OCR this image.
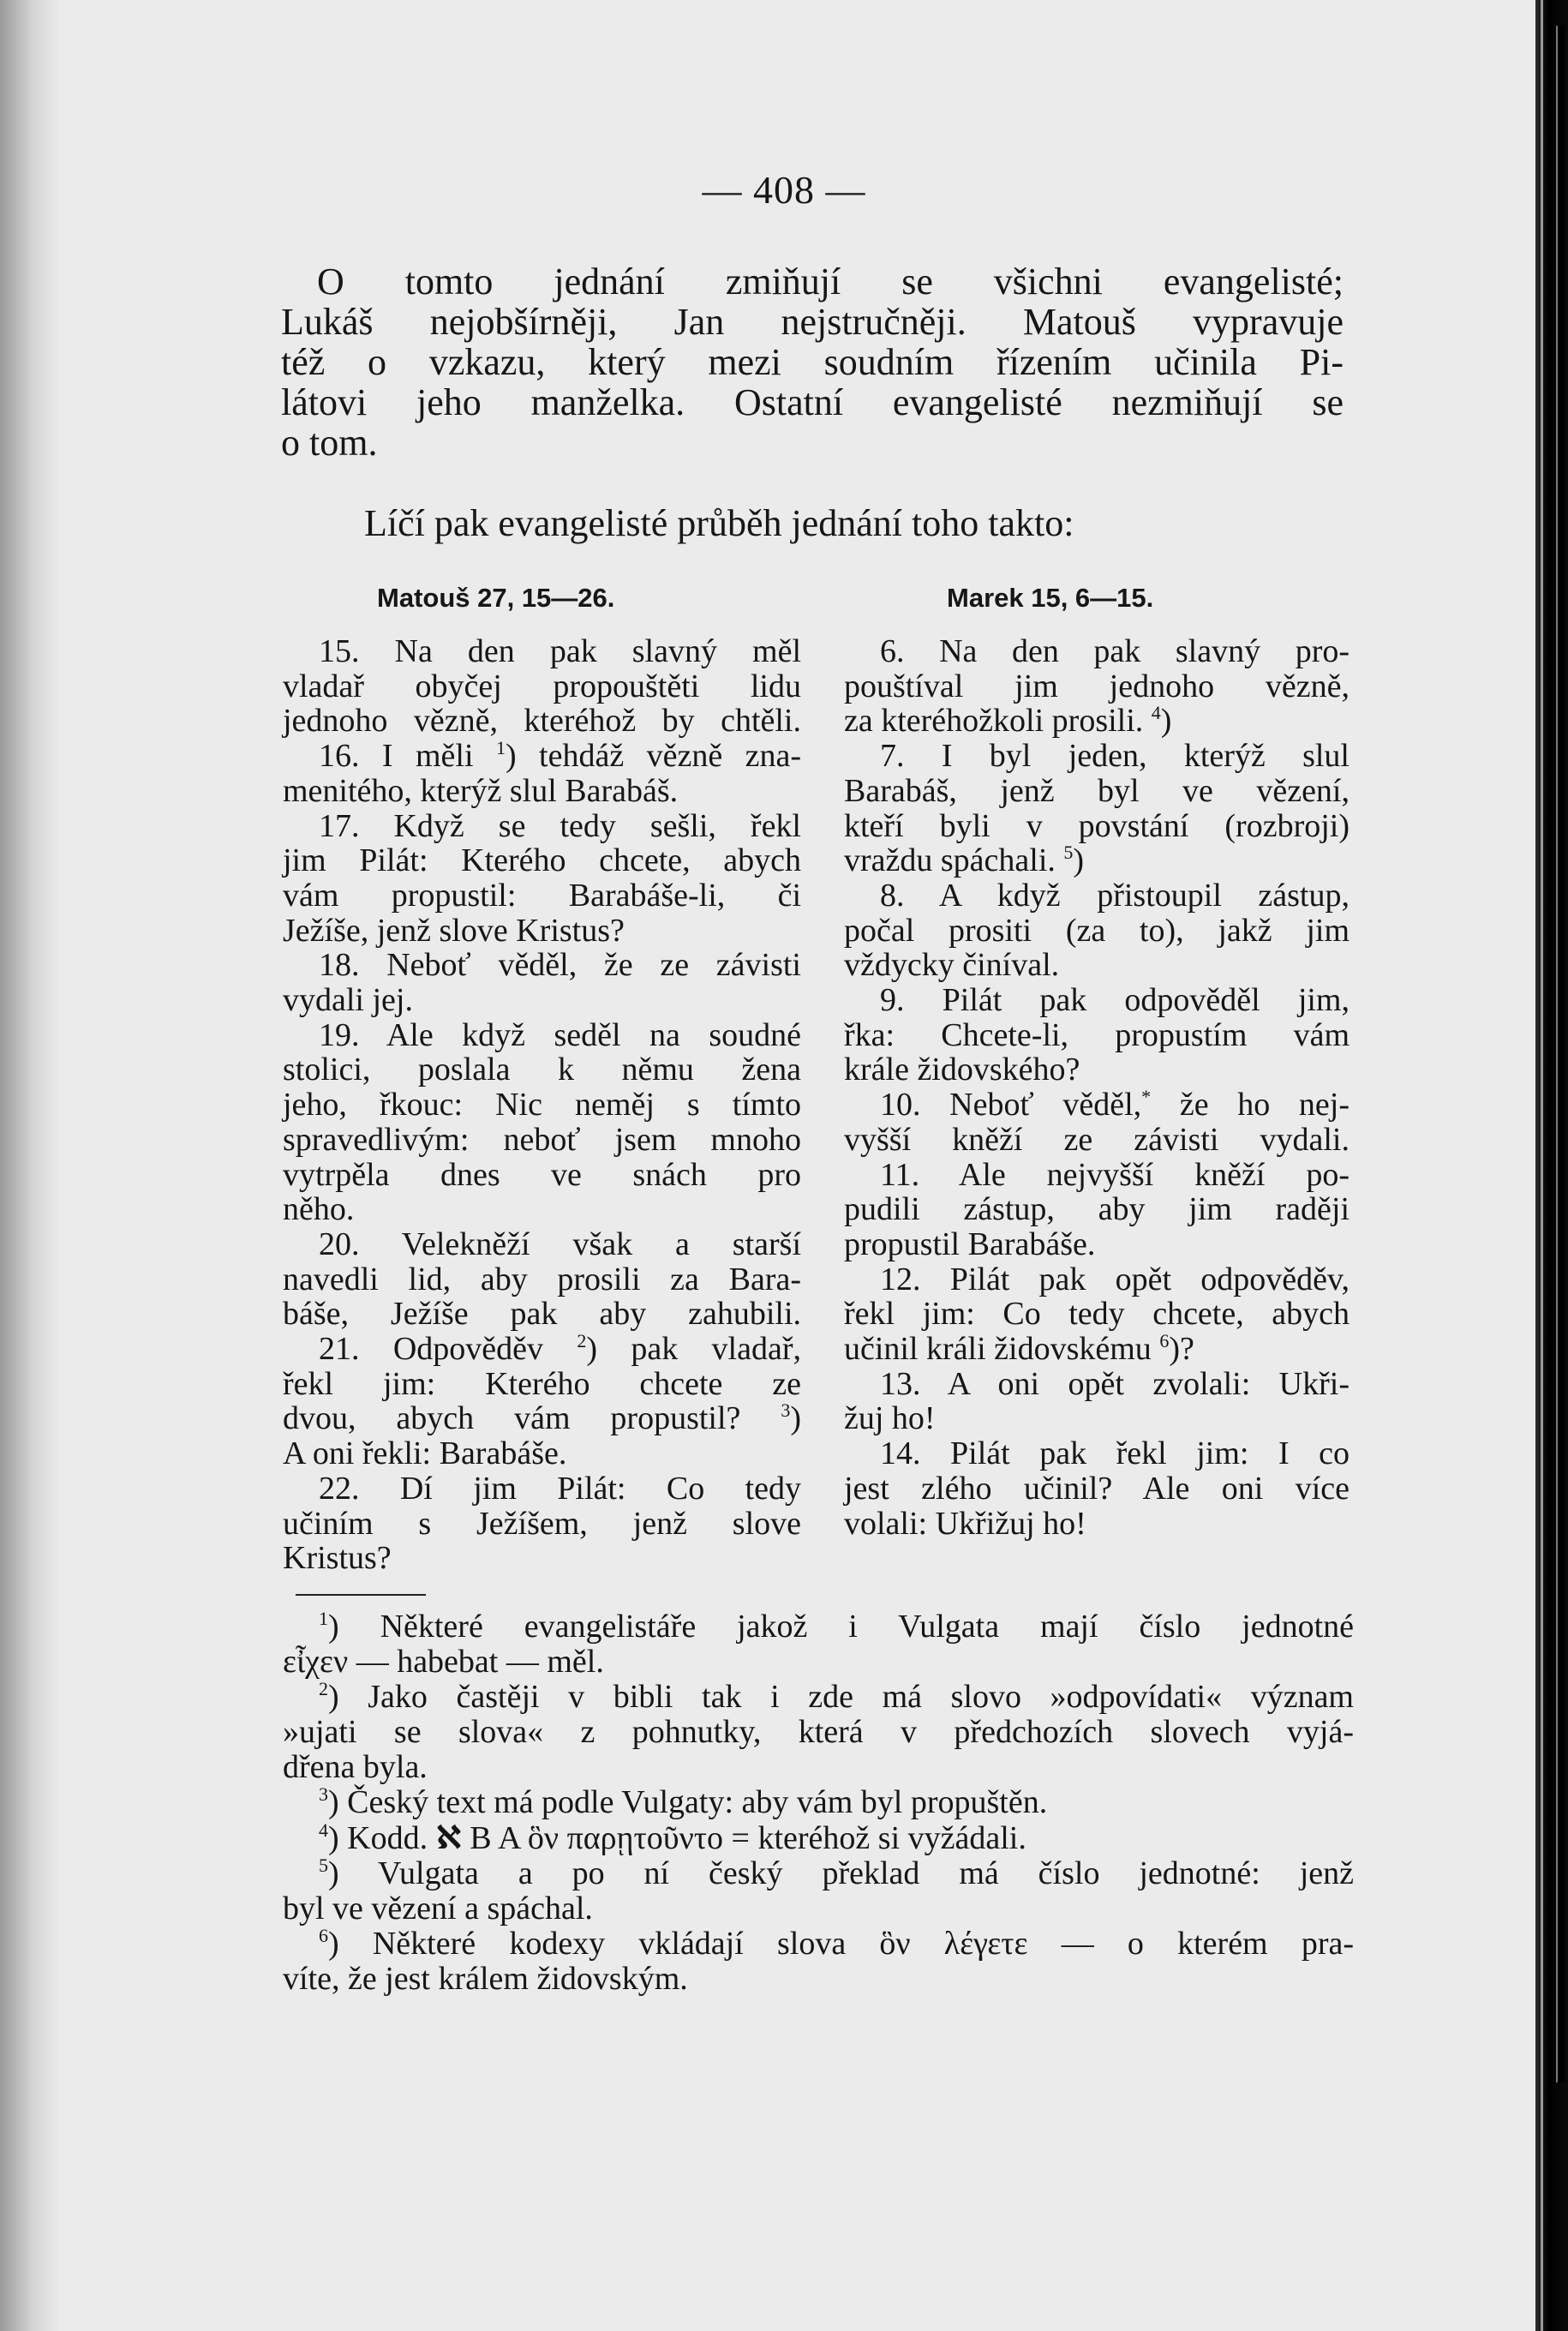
— 408 —
O tomto jednání zmiňují se všichni evangelisté;
Lukáš nejobšírněji, Jan nejstručněji. Matouš vypravuje
též o vzkazu, který mezi soudním řízením učinila Pi-
látovi jeho manželka. Ostatní evangelisté nezmiňují se
o tom.
Líčí pak evangelisté průběh jednání toho takto:
Matouš 27, 15—26.
15. Na den pak slavný měl
vladař obyčej propouštěti lidu
jednoho vězně, kteréhož by chtěli.
16. I měli $^1$) tehdáž vězně zna-
menitého, kterýž slul Barabáš.
17. Když se tedy sešli, řekl
jim Pilát: Kterého chcete, abych
vám propustil: Barabáše-li, či
Ježíše, jenž slove Kristus?
18. Neboť věděl, že ze závisti
vydali jej.
19. Ale když seděl na soudné
stolici, poslala k němu žena
jeho, řkouc: Nic neměj s tímto
spravedlivým: neboť jsem mnoho
vytrpěla dnes ve snách pro
něho.
20. Velekněží však a starší
navedli lid, aby prosili za Bara-
báše, Ježíše pak aby zahubili.
21. Odpověděv $^2$) pak vladař,
řekl jim: Kterého chcete ze
dvou, abych vám propustil? $^3$)
A oni řekli: Barabáše.
22. Dí jim Pilát: Co tedy
učiním s Ježíšem, jenž slove
Kristus?
Marek 15, 6—15.
6. Na den pak slavný pro-
pouštíval jim jednoho vězně,
za kteréhožkoli prosili. $^4$)
7. I byl jeden, kterýž slul
Barabáš, jenž byl ve vězení,
kteří byli v povstání (rozbroji)
vraždu spáchali. $^5$)
8. A když přistoupil zástup,
počal prositi (za to), jakž jim
vždycky činíval.
9. Pilát pak odpověděl jim,
řka: Chcete-li, propustím vám
krále židovského?
10. Neboť věděl,* že ho nej-
vyšší kněží ze závisti vydali.
11. Ale nejvyšší kněží po-
pudili zástup, aby jim raději
propustil Barabáše.
12. Pilát pak opět odpověděv,
řekl jim: Co tedy chcete, abych
učinil králi židovskému $^6$)?
13. A oni opět zvolali: Ukři-
žuj ho!
14. Pilát pak řekl jim: I co
jest zlého učinil? Ale oni více
volali: Ukřižuj ho!
$^1$) Některé evangelistáře jakož i Vulgata mají číslo jednotné
εἶχεν — habebat — měl.
$^2$) Jako častěji v bibli tak i zde má slovo »odpovídati« význam
»ujati se slova« z pohnutky, která v předchozích slovech vyjá-
dřena byla.
$^3$) Český text má podle Vulgaty: aby vám byl propuštěn.
$^4$) Kodd. ℵ B A ὃν παρῃτοῦντο = kteréhož si vyžádali.
$^5$) Vulgata a po ní český překlad má číslo jednotné: jenž
byl ve vězení a spáchal.
$^6$) Některé kodexy vkládají slova ὃν λέγετε — o kterém pra-
víte, že jest králem židovským.
